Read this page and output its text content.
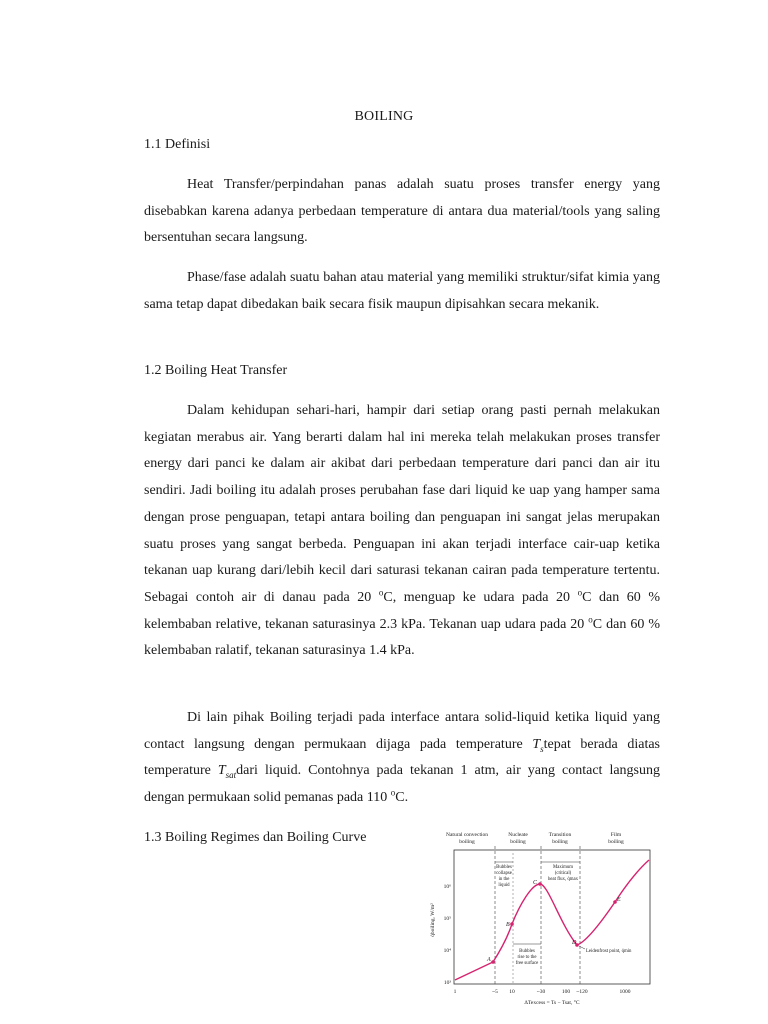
BOILING
1.1 Definisi

Heat Transfer/perpindahan panas adalah suatu proses transfer energy yang disebabkan karena adanya perbedaan temperature di antara dua material/tools yang saling bersentuhan secara langsung.

Phase/fase adalah suatu bahan atau material yang memiliki struktur/sifat kimia yang sama tetap dapat dibedakan baik secara fisik maupun dipisahkan secara mekanik.

1.2 Boiling Heat Transfer

Dalam kehidupan sehari-hari, hampir dari setiap orang pasti pernah melakukan kegiatan merabus air. Yang berarti dalam hal ini mereka telah melakukan proses transfer energy dari panci ke dalam air akibat dari perbedaan temperature dari panci dan air itu sendiri. Jadi boiling itu adalah proses perubahan fase dari liquid ke uap yang hamper sama dengan prose penguapan, tetapi antara boiling dan penguapan ini sangat jelas merupakan suatu proses yang sangat berbeda. Penguapan ini akan terjadi interface cair-uap ketika tekanan uap kurang dari/lebih kecil dari saturasi tekanan cairan pada temperature tertentu. Sebagai contoh air di danau pada 20 $^o$C, menguap ke udara pada 20 $^o$C dan 60 % kelembaban relative, tekanan saturasinya 2.3 kPa. Tekanan uap udara pada 20 $^o$C dan 60 % kelembaban ralatif, tekanan saturasinya 1.4 kPa.

Di lain pihak Boiling terjadi pada interface antara solid-liquid ketika liquid yang contact langsung dengan permukaan dijaga pada temperature $T_stepat$ berada diatas temperature $T_{sat}dari$ liquid. Contohnya pada tekanan 1 atm, air yang contact langsung dengan permukaan solid pemanas pada 110 $^o$C.

1.3 Boiling Regimes dan Boiling Curve	Natural convection
boiling
Nucleate
boiling
Transition
boiling
Film
boiling
10⁶
10⁵
10⁴
10³
q̇boiling, W/m²
1	~5 10	~30	100 ~120	1000
ΔTexcess = Ts − Tsat, °C
A
B
C
D
E
Bubbles
collapse
in the
liquid
Maximum
(critical)
heat flux, q̇max
Bubbles
rise to the
free surface
Leidenfrost point, q̇min
